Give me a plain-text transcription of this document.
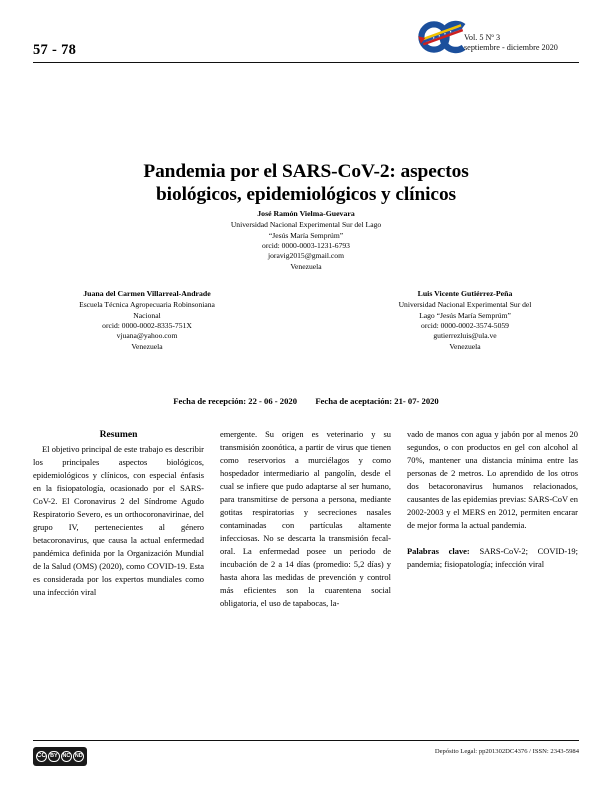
57 - 78
Vol. 5 Nº 3
septiembre - diciembre 2020
Pandemia por el SARS-CoV-2: aspectos
biológicos, epidemiológicos y clínicos
José Ramón Vielma-Guevara
Universidad Nacional Experimental Sur del Lago
“Jesús María Semprúm”
orcid: 0000-0003-1231-6793
joravig2015@gmail.com
Venezuela
Juana del Carmen Villarreal-Andrade
Escuela Técnica Agropecuaria Robinsoniana
Nacional
orcid: 0000-0002-8335-751X
vjuana@yahoo.com
Venezuela
Luis Vicente Gutiérrez-Peña
Universidad Nacional Experimental Sur del
Lago “Jesús María Semprúm”
orcid: 0000-0002-3574-5059
gutierrezluis@ula.ve
Venezuela
Fecha de recepción: 22 - 06 - 2020 Fecha de aceptación: 21- 07- 2020

Resumen

El objetivo principal de este trabajo es describir los principales aspectos biológicos, epidemiológicos y clínicos, con especial énfasis en la fisiopatología, ocasionado por el SARS-CoV-2. El Coronavirus 2 del Síndrome Agudo Respiratorio Severo, es un orthocoronavirinae, del grupo IV, pertenecientes al género betacoronavirus, que causa la actual enfermedad pandémica definida por la Organización Mundial de la Salud (OMS) (2020), como COVID-19. Esta es considerada por los expertos mundiales como una infección viral

emergente. Su origen es veterinario y su transmisión zoonótica, a partir de virus que tienen como reservorios a murciélagos y como hospedador intermediario al pangolín, desde el cual se infiere que pudo adaptarse al ser humano, para transmitirse de persona a persona, mediante gotitas respiratorias y secreciones nasales contaminadas con partículas altamente infecciosas. No se descarta la transmisión fecal-oral. La enfermedad posee un periodo de incubación de 2 a 14 días (promedio: 5,2 días) y hasta ahora las medidas de prevención y control más eficientes son la cuarentena social obligatoria, el uso de tapabocas, la-

vado de manos con agua y jabón por al menos 20 segundos, o con productos en gel con alcohol al 70%, mantener una distancia mínima entre las personas de 2 metros. Lo aprendido de los otros dos betacoronavirus humanos relacionados, causantes de las epidemias previas: SARS-CoV en 2002-2003 y el MERS en 2012, permiten encarar de mejor forma la actual pandemia.

Palabras clave: SARS-CoV-2; COVID-19; pandemia; fisiopatología; infección viral

CC BY NC ND
Depósito Legal: pp201302DC4376 / ISSN: 2343-5984
